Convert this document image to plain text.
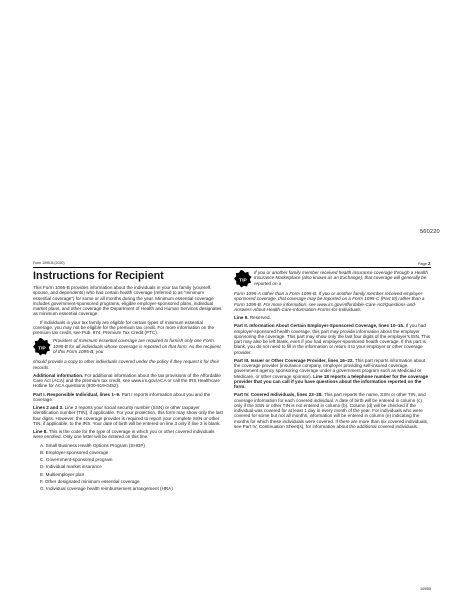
560220
Form 1095-B (2020)	Page 2
Instructions for Recipient

This Form 1095-B provides information about the individuals in your tax family (yourself, spouse, and dependents) who had certain health coverage (referred to as “minimum essential coverage”) for some or all months during the year. Minimum essential coverage includes government-sponsored programs, eligible employer-sponsored plans, individual market plans, and other coverage the Department of Health and Human Services designates as minimum essential coverage.

If individuals in your tax family are eligible for certain types of minimum essential coverage, you may not be eligible for the premium tax credit. For more information on the premium tax credit, see Pub. 974, Premium Tax Credit (PTC).

TIP
Providers of minimum essential coverage are required to furnish only one Form 1095-B for all individuals whose coverage is reported on that form. As the recipient of this Form 1095-B, you

should provide a copy to other individuals covered under the policy if they request it for their records.

Additional information. For additional information about the tax provisions of the Affordable Care Act (ACA) and the premium tax credit, see www.irs.gov/ACA or call the IRS Healthcare Hotline for ACA questions (800-919-0452).

Part I. Responsible Individual, lines 1–9. Part I reports information about you and the coverage.

Lines 2 and 3. Line 2 reports your social security number (SSN) or other taxpayer identification number (TIN), if applicable. For your protection, this form may show only the last four digits. However, the coverage provider is required to report your complete SSN or other TIN, if applicable, to the IRS. Your date of birth will be entered on line 3 only if line 2 is blank.

Line 8. This is the code for the type of coverage in which you or other covered individuals were enrolled. Only one letter will be entered on this line.

A. Small Business Health Options Program (SHOP)
B. Employer-sponsored coverage
C. Government-sponsored program
D. Individual market insurance
E. Multiemployer plan
F. Other designated minimum essential coverage
G. Individual coverage health reimbursement arrangement (HRA)
TIP
If you or another family member received health insurance coverage through a Health Insurance Marketplace (also known as an Exchange), that coverage will generally be reported on a

Form 1095-A rather than a Form 1095-B. If you or another family member received employer-sponsored coverage, that coverage may be reported on a Form 1095-C (Part III) rather than a Form 1095-B. For more information, see www.irs.gov/Affordable-Care-Act/Questions-and-Answers-About-Health-Care-Information-Forms-for-Individuals.

Line 9. Reserved.

Part II. Information About Certain Employer-Sponsored Coverage, lines 10–15. If you had employer-sponsored health coverage, this part may provide information about the employer sponsoring the coverage. This part may show only the last four digits of the employer’s EIN. This part may also be left blank, even if you had employer-sponsored health coverage. If this part is blank, you do not need to fill in the information or return it to your employer or other coverage provider.

Part III. Issuer or Other Coverage Provider, lines 16–22. This part reports information about the coverage provider (insurance company, employer providing self-insured coverage, government agency sponsoring coverage under a government program such as Medicaid or Medicare, or other coverage sponsor). Line 18 reports a telephone number for the coverage provider that you can call if you have questions about the information reported on the form.

Part IV. Covered Individuals, lines 23–28. This part reports the name, SSN or other TIN, and coverage information for each covered individual. A date of birth will be entered in column (c) only if the SSN or other TIN is not entered in column (b). Column (d) will be checked if the individual was covered for at least 1 day in every month of the year. For individuals who were covered for some but not all months, information will be entered in column (e) indicating the months for which these individuals were covered. If there are more than six covered individuals, see Part IV, Continuation Sheet(s), for information about the additional covered individuals.

1095B
